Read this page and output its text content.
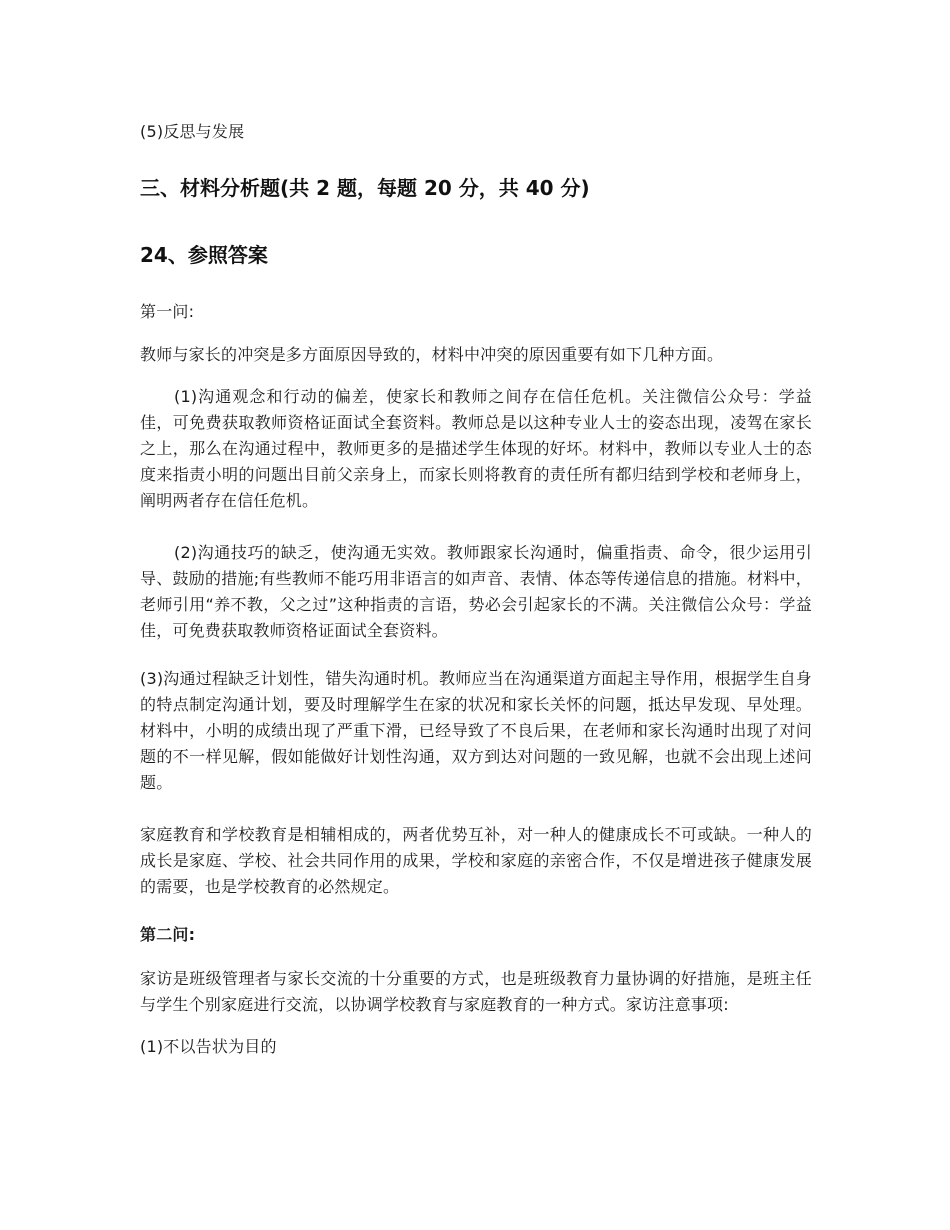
(5)反思与发展

三、材料分析题(共 2 题，每题 20 分，共 40 分)
24、参照答案

第一问:

教师与家长的冲突是多方面原因导致的，材料中冲突的原因重要有如下几种方面。

(1)沟通观念和行动的偏差，使家长和教师之间存在信任危机。关注微信公众号：学益佳，可免费获取教师资格证面试全套资料。教师总是以这种专业人士的姿态出现，凌驾在家长之上，那么在沟通过程中，教师更多的是描述学生体现的好坏。材料中，教师以专业人士的态度来指责小明的问题出目前父亲身上，而家长则将教育的责任所有都归结到学校和老师身上，阐明两者存在信任危机。

(2)沟通技巧的缺乏，使沟通无实效。教师跟家长沟通时，偏重指责、命令，很少运用引导、鼓励的措施;有些教师不能巧用非语言的如声音、表情、体态等传递信息的措施。材料中，老师引用“养不教，父之过”这种指责的言语，势必会引起家长的不满。关注微信公众号：学益佳，可免费获取教师资格证面试全套资料。

(3)沟通过程缺乏计划性，错失沟通时机。教师应当在沟通渠道方面起主导作用，根据学生自身的特点制定沟通计划，要及时理解学生在家的状况和家长关怀的问题，抵达早发现、早处理。材料中，小明的成绩出现了严重下滑，已经导致了不良后果，在老师和家长沟通时出现了对问题的不一样见解，假如能做好计划性沟通，双方到达对问题的一致见解，也就不会出现上述问题。

家庭教育和学校教育是相辅相成的，两者优势互补，对一种人的健康成长不可或缺。一种人的成长是家庭、学校、社会共同作用的成果，学校和家庭的亲密合作，不仅是增进孩子健康发展的需要，也是学校教育的必然规定。

第二问:

家访是班级管理者与家长交流的十分重要的方式，也是班级教育力量协调的好措施，是班主任与学生个别家庭进行交流，以协调学校教育与家庭教育的一种方式。家访注意事项:

(1)不以告状为目的
